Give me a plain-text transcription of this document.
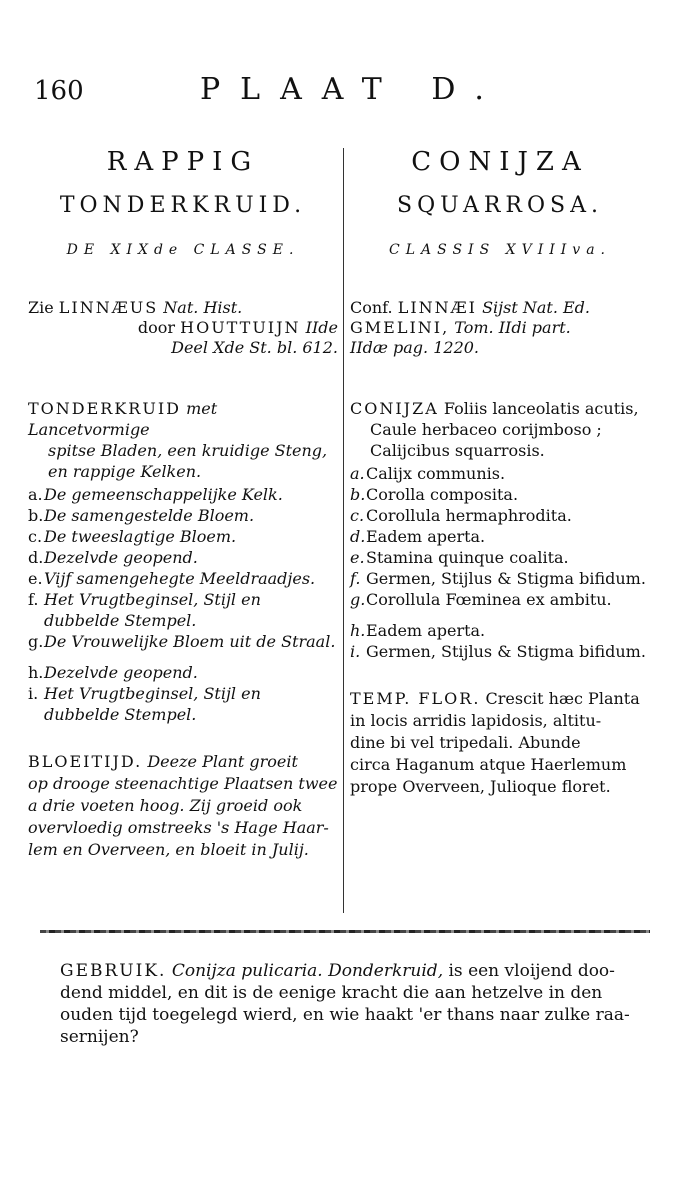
160	PLAAT D.
RAPPIG
TONDERKRUID.
DE XIXde CLASSE.
Zie LINNÆUS Nat. Hist.
door HOUTTUIJN IIde
Deel Xde St. bl. 612.
TONDERKRUID met Lancetvormige
spitse Bladen, een kruidige Steng,
en rappige Kelken.
a. De gemeenschappelijke Kelk.
b. De samengestelde Bloem.
c. De tweeslagtige Bloem.
d. Dezelvde geopend.
e. Vijf samengehegte Meeldraadjes.
f. Het Vrugtbeginsel, Stijl en dubbelde Stempel.
g. De Vrouwelijke Bloem uit de Straal.
h. Dezelvde geopend.
i. Het Vrugtbeginsel, Stijl en dubbelde Stempel.
BLOEITIJD. Deeze Plant groeit
op drooge steenachtige Plaatsen twee
a drie voeten hoog. Zij groeid ook
overvloedig omstreeks 's Hage Haar-
lem en Overveen, en bloeit in Julij.
CONIJZA
SQUARROSA.
CLASSIS XVIIIva.
Conf. LINNÆI Sijst Nat. Ed.
GMELINI, Tom. IIdi part.
IIdæ pag. 1220.
CONIJZA Foliis lanceolatis acutis,
Caule herbaceo corijmboso ;
Calijcibus squarrosis.
a. Calijx communis.
b. Corolla composita.
c. Corollula hermaphrodita.
d. Eadem aperta.
e. Stamina quinque coalita.
f. Germen, Stijlus & Stigma bifidum.
g. Corollula Fœminea ex ambitu.
h. Eadem aperta.
i. Germen, Stijlus & Stigma bifidum.
TEMP. FLOR. Crescit hæc Planta
in locis arridis lapidosis, altitu-
dine bi vel tripedali. Abunde
circa Haganum atque Haerlemum
prope Overveen, Julioque floret.
GEBRUIK. Conijza pulicaria. Donderkruid, is een vloijend doo-
dend middel, en dit is de eenige kracht die aan hetzelve in den
ouden tijd toegelegd wierd, en wie haakt 'er thans naar zulke raa-
sernijen?
